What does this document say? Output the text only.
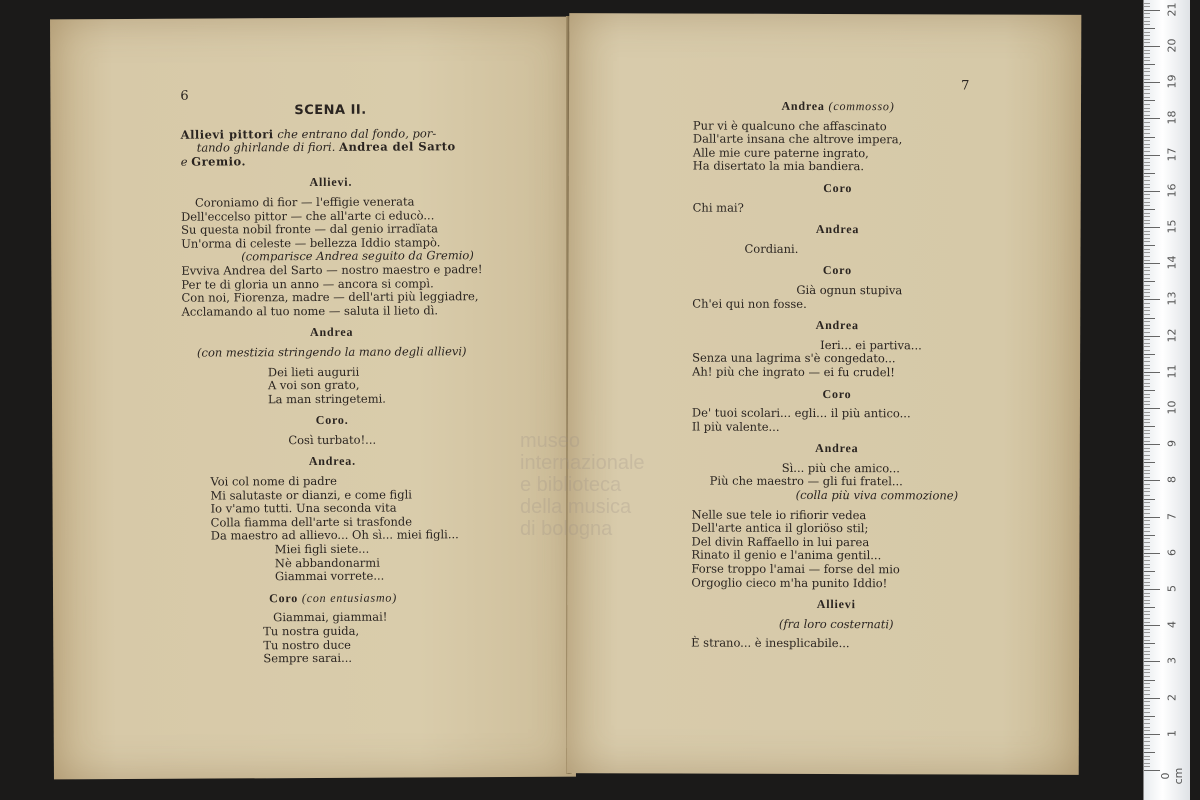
6
SCENA II.
Allievi pittori che entrano dal fondo, por-
tando ghirlande di fiori. Andrea del Sarto
e Gremio.
Allievi.
Coroniamo di fior — l'effigie venerata
Dell'eccelso pittor — che all'arte ci educò...
Su questa nobil fronte — dal genio irradïata
Un'orma di celeste — bellezza Iddio stampò.
(comparisce Andrea seguito da Gremio)
Evviva Andrea del Sarto — nostro maestro e padre!
Per te di gloria un anno — ancora si compì.
Con noi, Fiorenza, madre — dell'arti più leggiadre,
Acclamando al tuo nome — saluta il lieto dì.
Andrea
(con mestizia stringendo la mano degli allievi)
Dei lieti augurii
A voi son grato,
La man stringetemi.
Coro.
Così turbato!...
Andrea.
Voi col nome di padre
Mi salutaste or dianzi, e come figli
Io v'amo tutti. Una seconda vita
Colla fiamma dell'arte si trasfonde
Da maestro ad allievo... Oh sì... miei figli...
Miei figli siete...
Nè abbandonarmi
Giammai vorrete...
Coro (con entusiasmo)
Giammai, giammai!
Tu nostra guida,
Tu nostro duce
Sempre sarai...
7
Andrea (commosso)
Pur vi è qualcuno che affascinato
Dall'arte insana che altrove impera,
Alle mie cure paterne ingrato,
Ha disertato la mia bandiera.
Coro
Chi mai?
Andrea
Cordiani.
Coro
Già ognun stupiva
Ch'ei qui non fosse.
Andrea
Ieri... ei partiva...
Senza una lagrima s'è congedato...
Ah! più che ingrato — ei fu crudel!
Coro
De' tuoi scolari... egli... il più antico...
Il più valente...
Andrea
Sì... più che amico...
Più che maestro — gli fui fratel...
(colla più viva commozione)
Nelle sue tele io rifiorir vedea
Dell'arte antica il gloriöso stil;
Del divin Raffaello in lui parea
Rinato il genio e l'anima gentil...
Forse troppo l'amai — forse del mio
Orgoglio cieco m'ha punito Iddio!
Allievi
(fra loro costernati)
È strano... è inesplicabile...
museo internazionale
e biblioteca della musica
di bologna
0 cm
1
2
3
4
5
6
7
8
9
10
11
12
13
14
15
16
17
18
19
20
21
